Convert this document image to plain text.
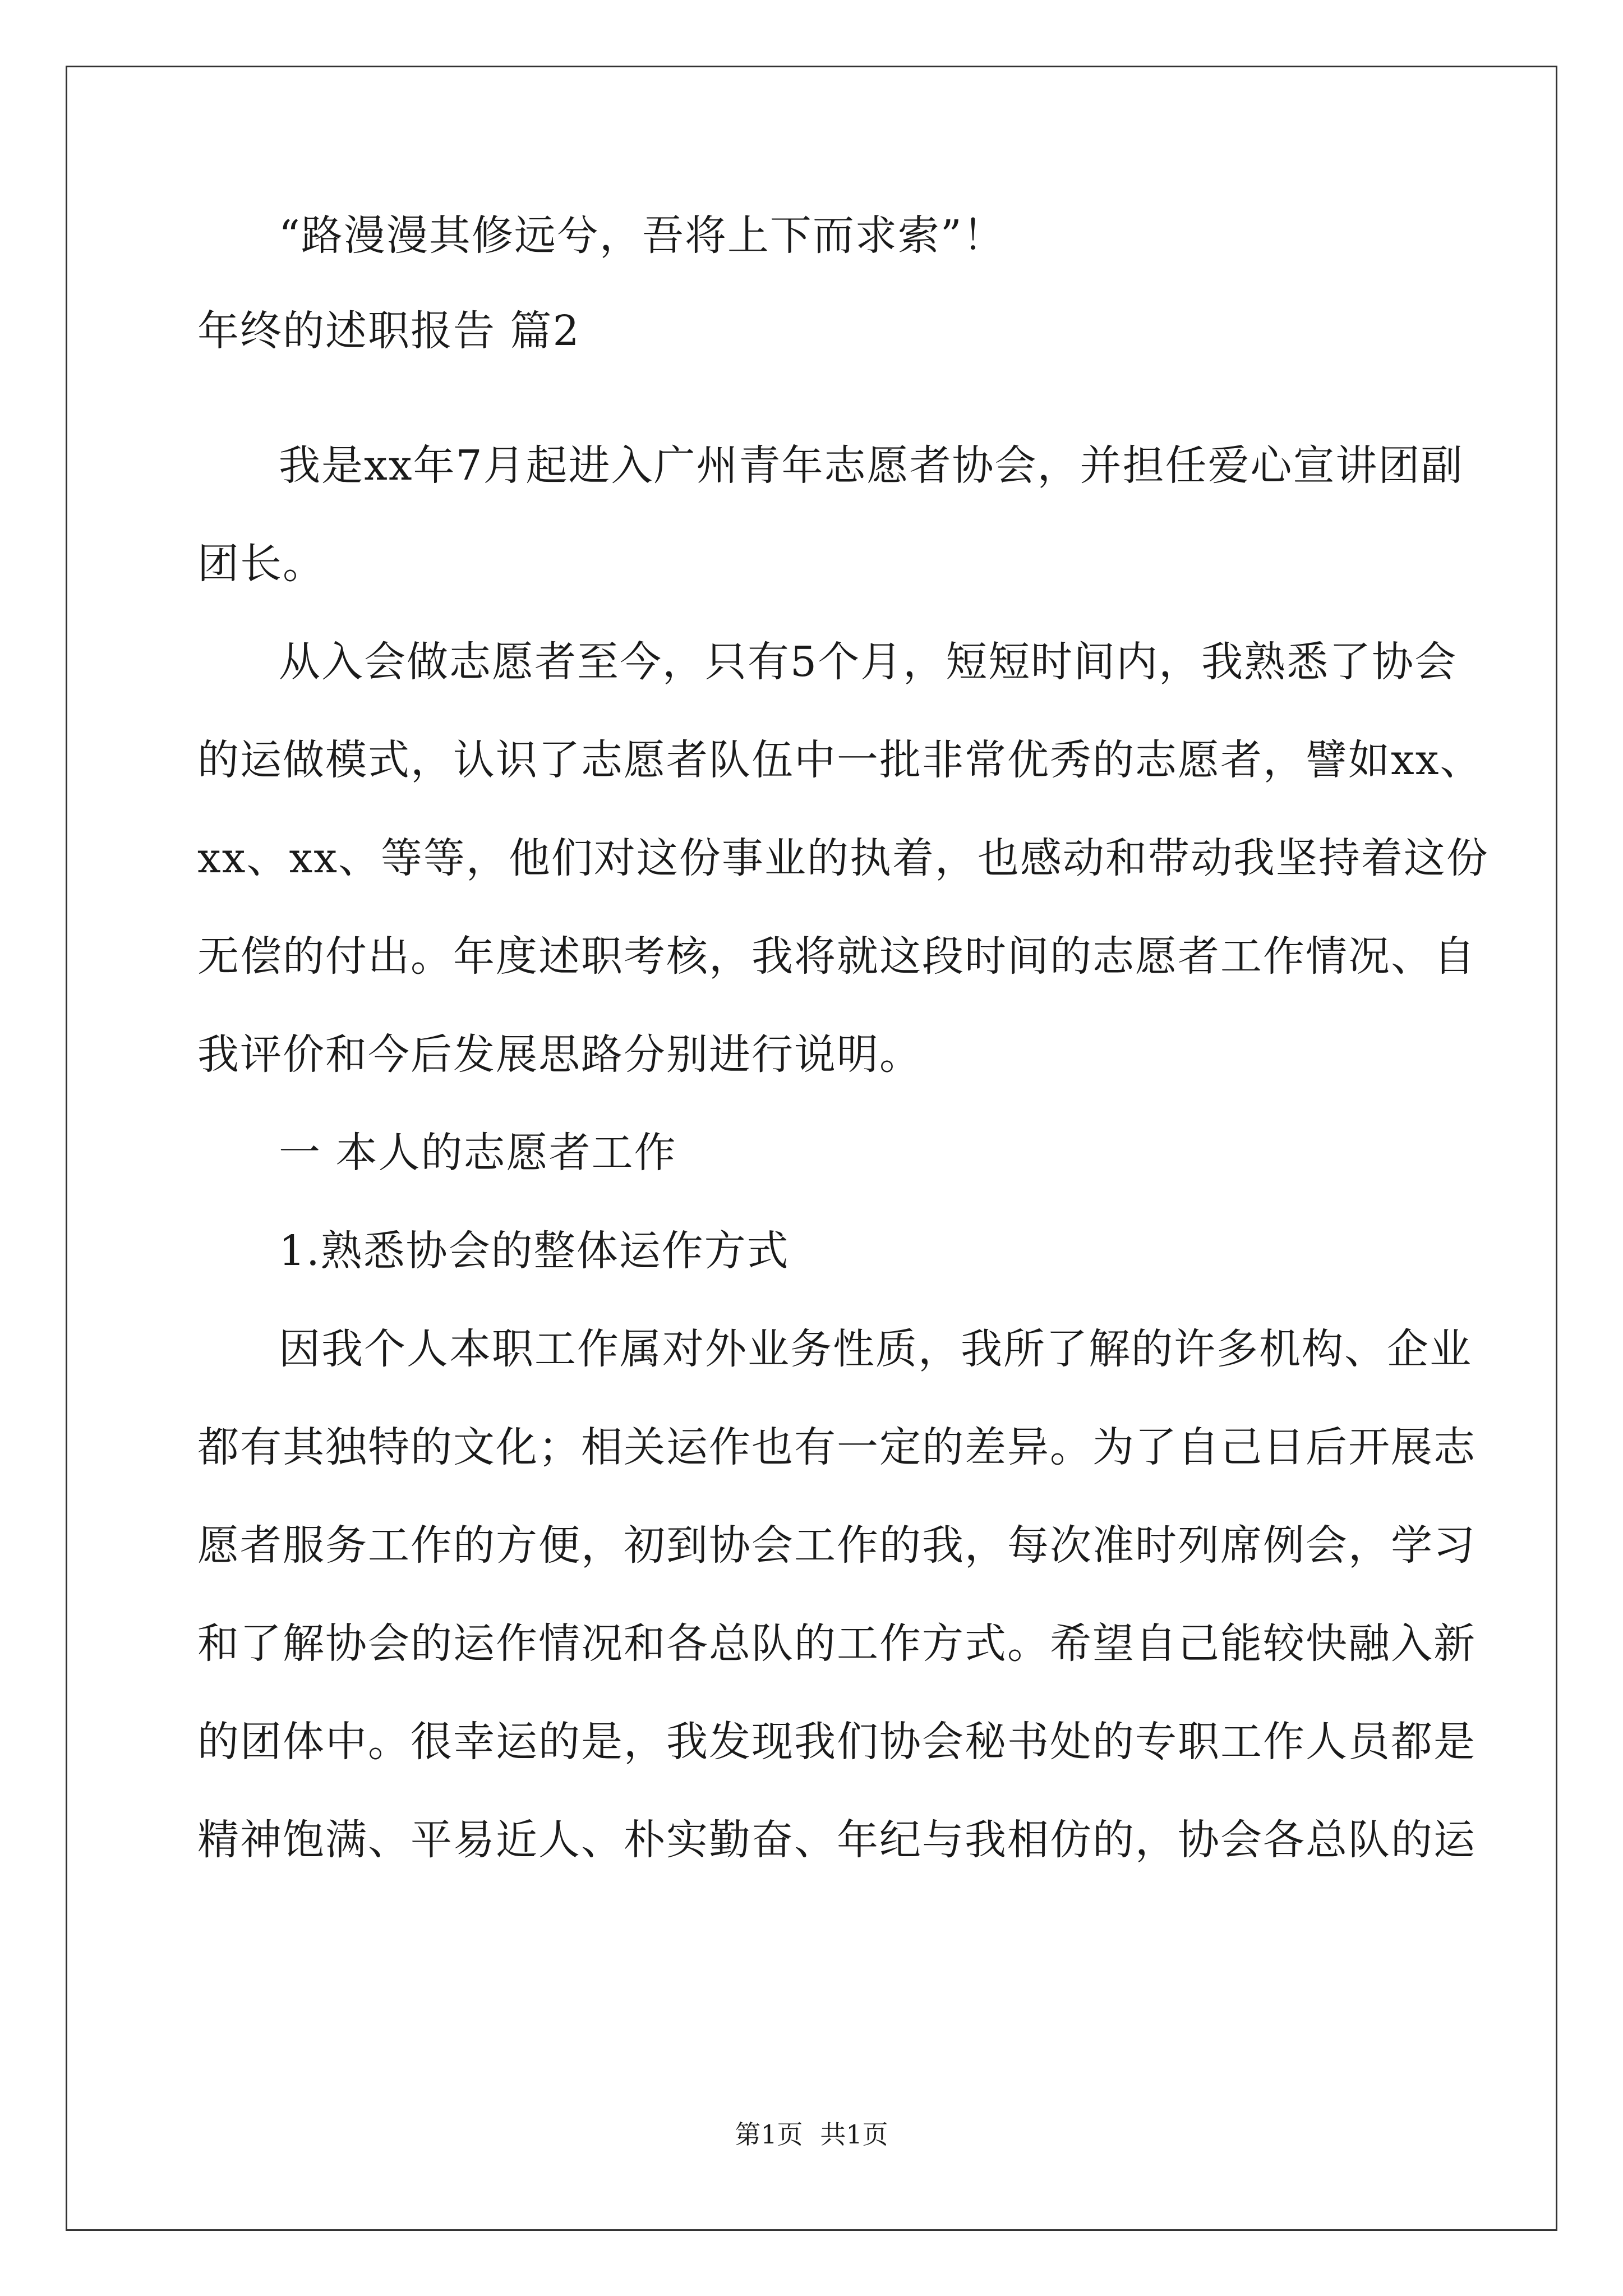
“路漫漫其修远兮，吾将上下而求索”！
年终的述职报告 篇2
我是xx年7月起进入广州青年志愿者协会，并担任爱心宣讲团副
团长。
从入会做志愿者至今，只有5个月，短短时间内，我熟悉了协会
的运做模式，认识了志愿者队伍中一批非常优秀的志愿者，譬如xx、
xx、xx、等等，他们对这份事业的执着，也感动和带动我坚持着这份
无偿的付出。年度述职考核，我将就这段时间的志愿者工作情况、自
我评价和今后发展思路分别进行说明。
一 本人的志愿者工作
1.熟悉协会的整体运作方式
因我个人本职工作属对外业务性质，我所了解的许多机构、企业
都有其独特的文化；相关运作也有一定的差异。为了自己日后开展志
愿者服务工作的方便，初到协会工作的我，每次准时列席例会，学习
和了解协会的运作情况和各总队的工作方式。希望自己能较快融入新
的团体中。很幸运的是，我发现我们协会秘书处的专职工作人员都是
精神饱满、平易近人、朴实勤奋、年纪与我相仿的，协会各总队的运
第1页 共1页
